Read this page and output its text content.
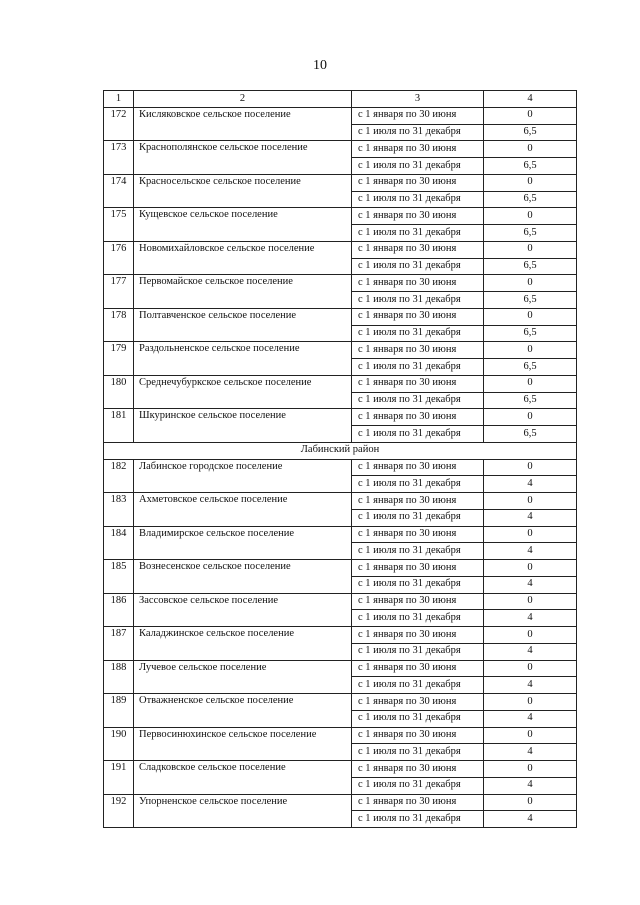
10
1	2	3	4
172	Кисляковское сельское поселение	с 1 января по 30 июня	0
		с 1 июля по 31 декабря	6,5
173	Краснополянское сельское поселение	с 1 января по 30 июня	0
		с 1 июля по 31 декабря	6,5
174	Красносельское сельское поселение	с 1 января по 30 июня	0
		с 1 июля по 31 декабря	6,5
175	Кущевское сельское поселение	с 1 января по 30 июня	0
		с 1 июля по 31 декабря	6,5
176	Новомихайловское сельское поселение	с 1 января по 30 июня	0
		с 1 июля по 31 декабря	6,5
177	Первомайское сельское поселение	с 1 января по 30 июня	0
		с 1 июля по 31 декабря	6,5
178	Полтавченское сельское поселение	с 1 января по 30 июня	0
		с 1 июля по 31 декабря	6,5
179	Раздольненское сельское поселение	с 1 января по 30 июня	0
		с 1 июля по 31 декабря	6,5
180	Среднечубуркское сельское поселение	с 1 января по 30 июня	0
		с 1 июля по 31 декабря	6,5
181	Шкуринское сельское поселение	с 1 января по 30 июня	0
		с 1 июля по 31 декабря	6,5
Лабинский район			
182	Лабинское городское поселение	с 1 января по 30 июня	0
		с 1 июля по 31 декабря	4
183	Ахметовское сельское поселение	с 1 января по 30 июня	0
		с 1 июля по 31 декабря	4
184	Владимирское сельское поселение	с 1 января по 30 июня	0
		с 1 июля по 31 декабря	4
185	Вознесенское сельское поселение	с 1 января по 30 июня	0
		с 1 июля по 31 декабря	4
186	Зассовское сельское поселение	с 1 января по 30 июня	0
		с 1 июля по 31 декабря	4
187	Каладжинское сельское поселение	с 1 января по 30 июня	0
		с 1 июля по 31 декабря	4
188	Лучевое сельское поселение	с 1 января по 30 июня	0
		с 1 июля по 31 декабря	4
189	Отважненское сельское поселение	с 1 января по 30 июня	0
		с 1 июля по 31 декабря	4
190	Первосинюхинское сельское поселение	с 1 января по 30 июня	0
		с 1 июля по 31 декабря	4
191	Сладковское сельское поселение	с 1 января по 30 июня	0
		с 1 июля по 31 декабря	4
192	Упорненское сельское поселение	с 1 января по 30 июня	0
		с 1 июля по 31 декабря	4
